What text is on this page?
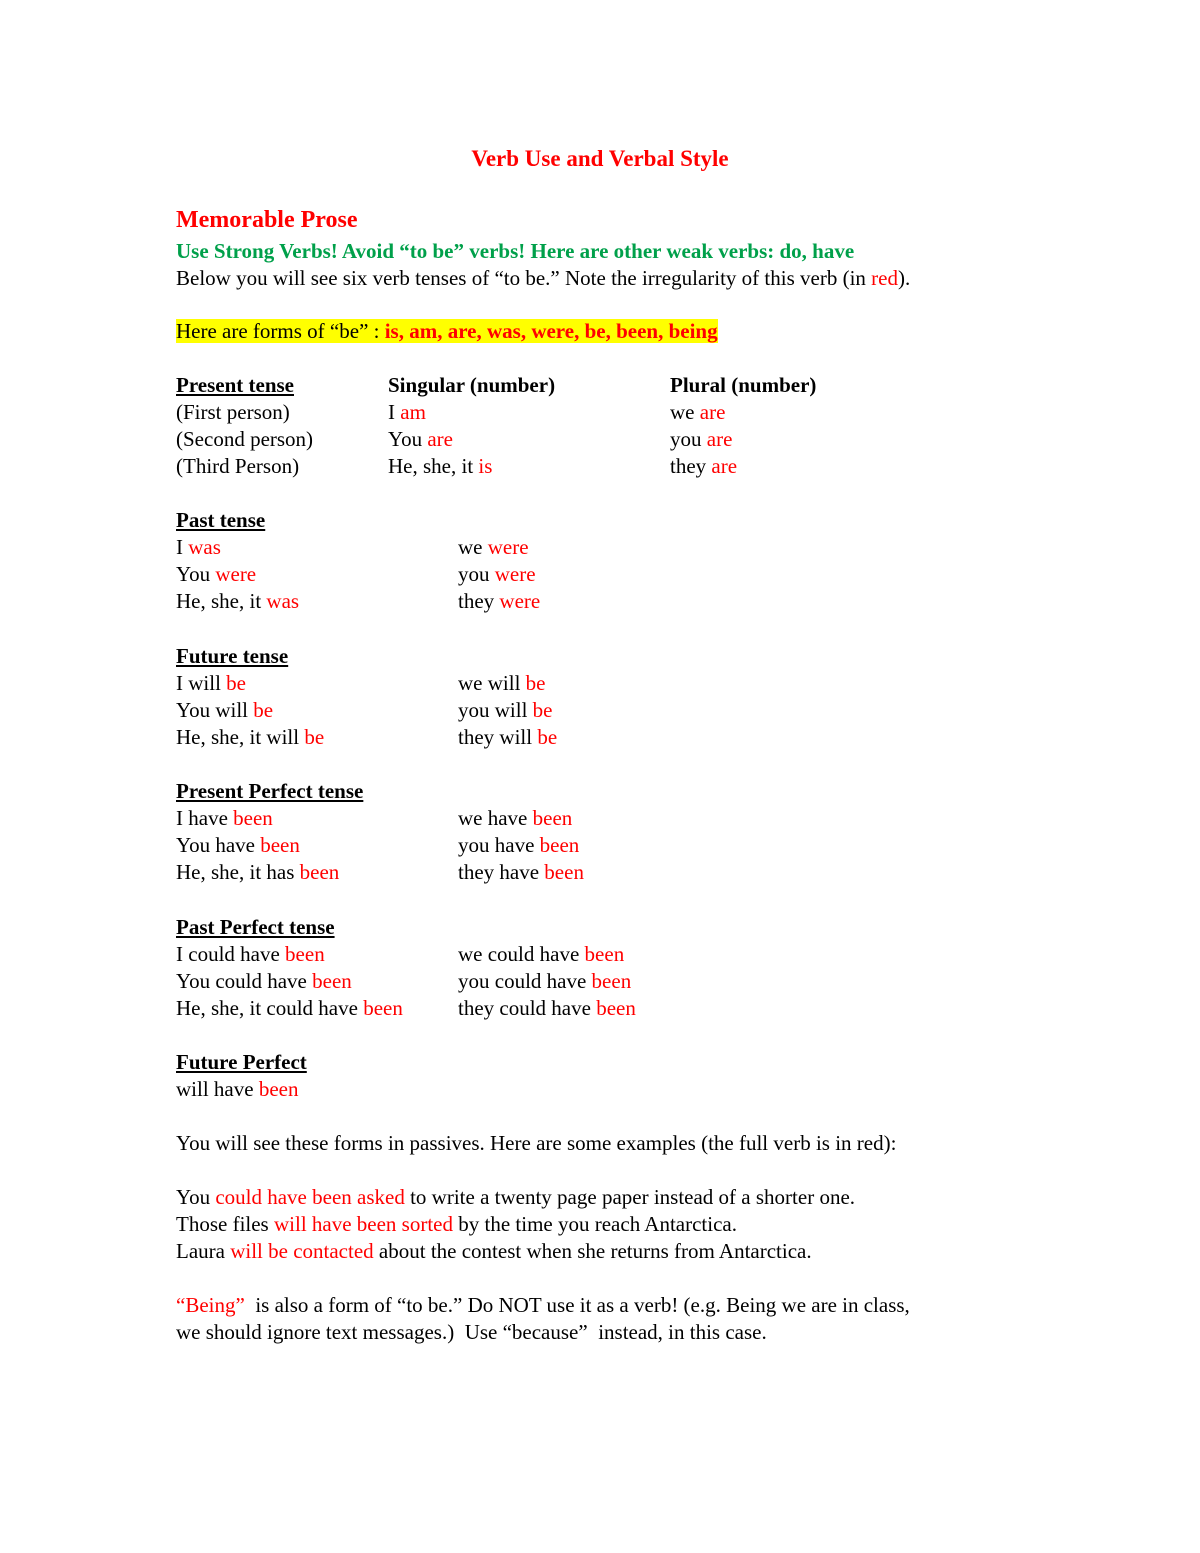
Verb Use and Verbal Style
Memorable Prose
Use Strong Verbs! Avoid “to be” verbs! Here are other weak verbs: do, have
Below you will see six verb tenses of “to be.” Note the irregularity of this verb (in red).
Here are forms of “be” : is, am, are, was, were, be, been, being
Present tense	Singular (number)	Plural (number)
(First person)	I am	we are
(Second person)	You are	you are
(Third Person)	He, she, it is	they are
Past tense
I was	we were
You were	you were
He, she, it was	they were
Future tense
I will be	we will be
You will be	you will be
He, she, it will be	they will be
Present Perfect tense
I have been	we have been
You have been	you have been
He, she, it has been	they have been
Past Perfect tense
I could have been	we could have been
You could have been	you could have been
He, she, it could have been	they could have been
Future Perfect
will have been
You will see these forms in passives. Here are some examples (the full verb is in red):
You could have been asked to write a twenty page paper instead of a shorter one.
Those files will have been sorted by the time you reach Antarctica.
Laura will be contacted about the contest when she returns from Antarctica.
“Being”  is also a form of “to be.” Do NOT use it as a verb! (e.g. Being we are in class,
we should ignore text messages.)  Use “because”  instead, in this case.
